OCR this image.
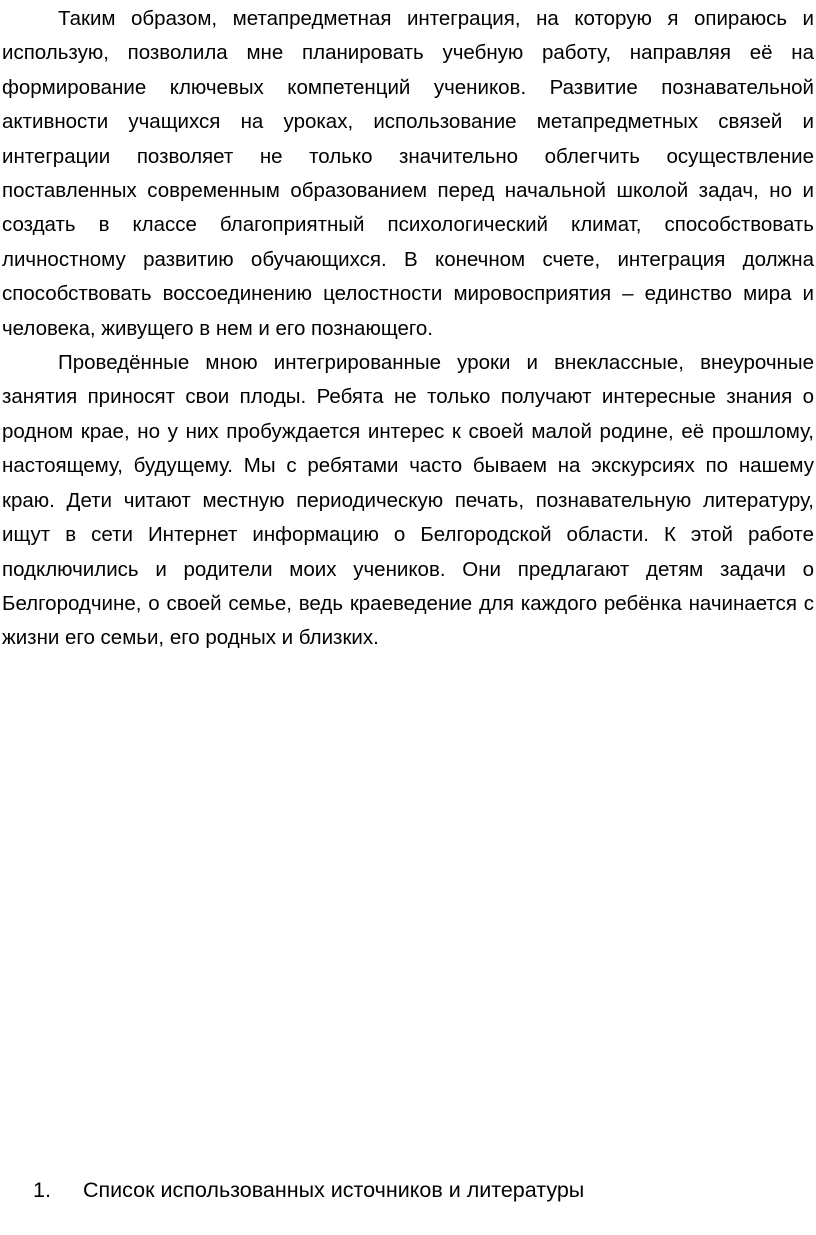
Таким образом, метапредметная интеграция, на которую я опираюсь и использую, позволила мне планировать учебную работу, направляя её на формирование ключевых компетенций учеников. Развитие познавательной активности учащихся на уроках, использование метапредметных связей и интеграции позволяет не только значительно облегчить осуществление поставленных современным образованием перед начальной школой задач, но и создать в классе благоприятный психологический климат, способствовать личностному развитию обучающихся. В конечном счете, интеграция должна способствовать воссоединению целостности мировосприятия – единство мира и человека, живущего в нем и его познающего.

Проведённые мною интегрированные уроки и внеклассные, внеурочные занятия приносят свои плоды. Ребята не только получают интересные знания о родном крае, но у них пробуждается интерес к своей малой родине, её прошлому, настоящему, будущему. Мы с ребятами часто бываем на экскурсиях по нашему краю. Дети читают местную периодическую печать, познавательную литературу, ищут в сети Интернет информацию о Белгородской области. К этой работе подключились и родители моих учеников. Они предлагают детям задачи о Белгородчине, о своей семье, ведь краеведение для каждого ребёнка начинается с жизни его семьи, его родных и близких.

1. Список использованных источников и литературы
